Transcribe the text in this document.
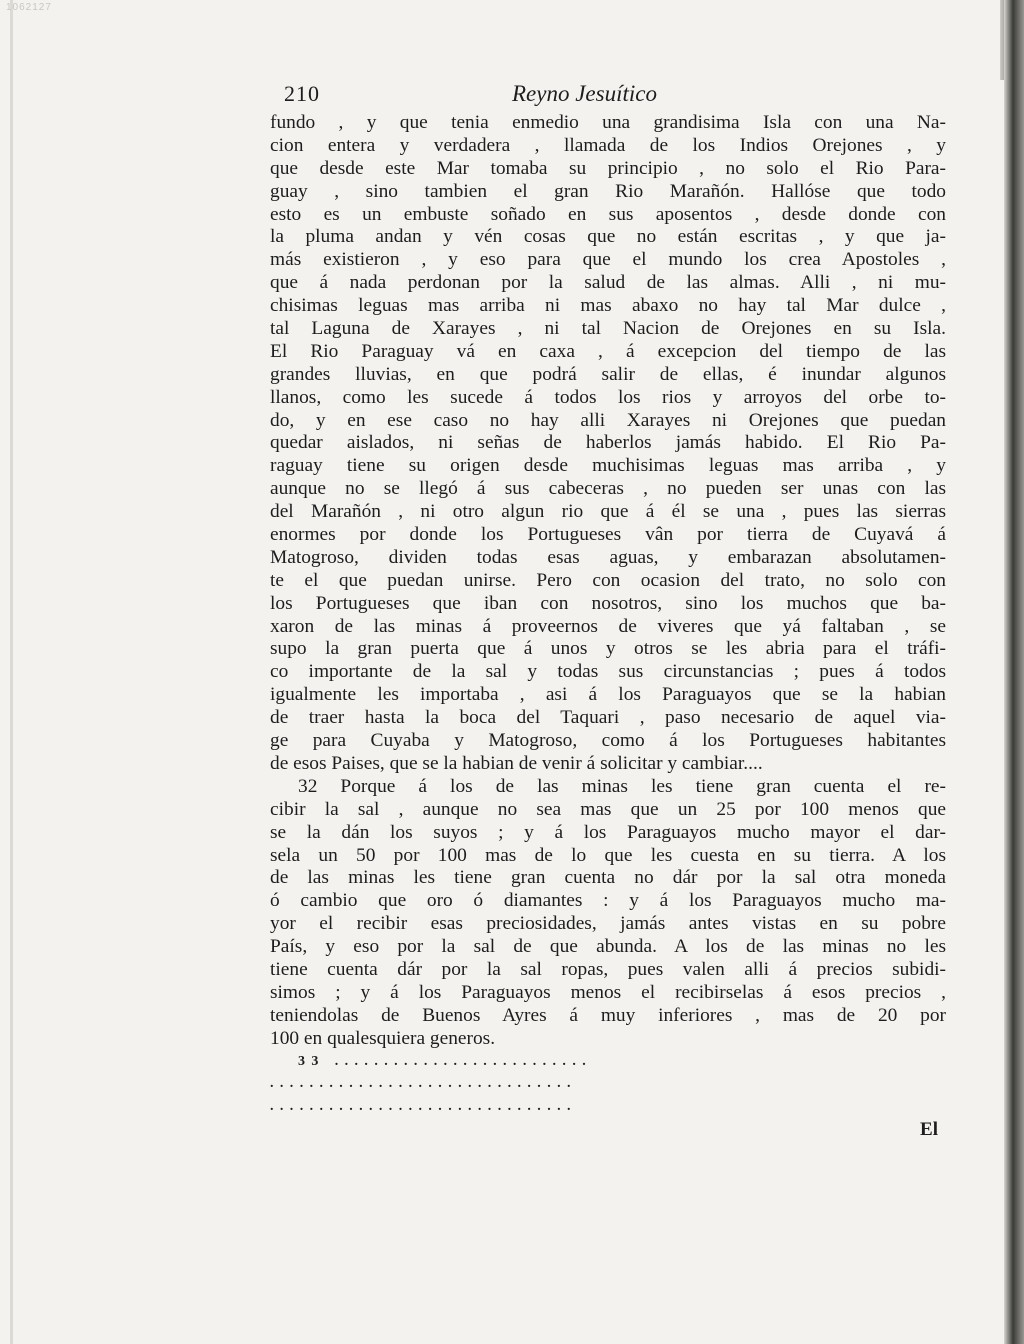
1062127
210	Reyno Jesuítico
fundo , y que tenia enmedio una grandisima Isla con una Na-
cion entera y verdadera , llamada de los Indios Orejones , y
que desde este Mar tomaba su principio , no solo el Rio Para-
guay , sino tambien el gran Rio Marañón. Hallóse que todo
esto es un embuste soñado en sus aposentos , desde donde con
la pluma andan y vén cosas que no están escritas , y que ja-
más existieron , y eso para que el mundo los crea Apostoles ,
que á nada perdonan por la salud de las almas. Alli , ni mu-
chisimas leguas mas arriba ni mas abaxo no hay tal Mar dulce ,
tal Laguna de Xarayes , ni tal Nacion de Orejones en su Isla.
El Rio Paraguay vá en caxa , á excepcion del tiempo de las
grandes lluvias, en que podrá salir de ellas, é inundar algunos
llanos, como les sucede á todos los rios y arroyos del orbe to-
do, y en ese caso no hay alli Xarayes ni Orejones que puedan
quedar aislados, ni señas de haberlos jamás habido. El Rio Pa-
raguay tiene su origen desde muchisimas leguas mas arriba , y
aunque no se llegó á sus cabeceras , no pueden ser unas con las
del Marañón , ni otro algun rio que á él se una , pues las sierras
enormes por donde los Portugueses vân por tierra de Cuyavá á
Matogroso, dividen todas esas aguas, y embarazan absolutamen-
te el que puedan unirse. Pero con ocasion del trato, no solo con
los Portugueses que iban con nosotros, sino los muchos que ba-
xaron de las minas á proveernos de viveres que yá faltaban , se
supo la gran puerta que á unos y otros se les abria para el tráfi-
co importante de la sal y todas sus circunstancias ; pues á todos
igualmente les importaba , asi á los Paraguayos que se la habian
de traer hasta la boca del Taquari , paso necesario de aquel via-
ge para Cuyaba y Matogroso, como á los Portugueses habitantes
de esos Paises, que se la habian de venir á solicitar y cambiar....
32 Porque á los de las minas les tiene gran cuenta el re-
cibir la sal , aunque no sea mas que un 25 por 100 menos que
se la dán los suyos ; y á los Paraguayos mucho mayor el dar-
sela un 50 por 100 mas de lo que les cuesta en su tierra. A los
de las minas les tiene gran cuenta no dár por la sal otra moneda
ó cambio que oro ó diamantes : y á los Paraguayos mucho ma-
yor el recibir esas preciosidades, jamás antes vistas en su pobre
País, y eso por la sal de que abunda. A los de las minas no les
tiene cuenta dár por la sal ropas, pues valen alli á precios subidi-
simos ; y á los Paraguayos menos el recibirselas á esos precios ,
teniendolas de Buenos Ayres á muy inferiores , mas de 20 por
100 en qualesquiera generos.
33 ..........................
...............................
...............................
El
